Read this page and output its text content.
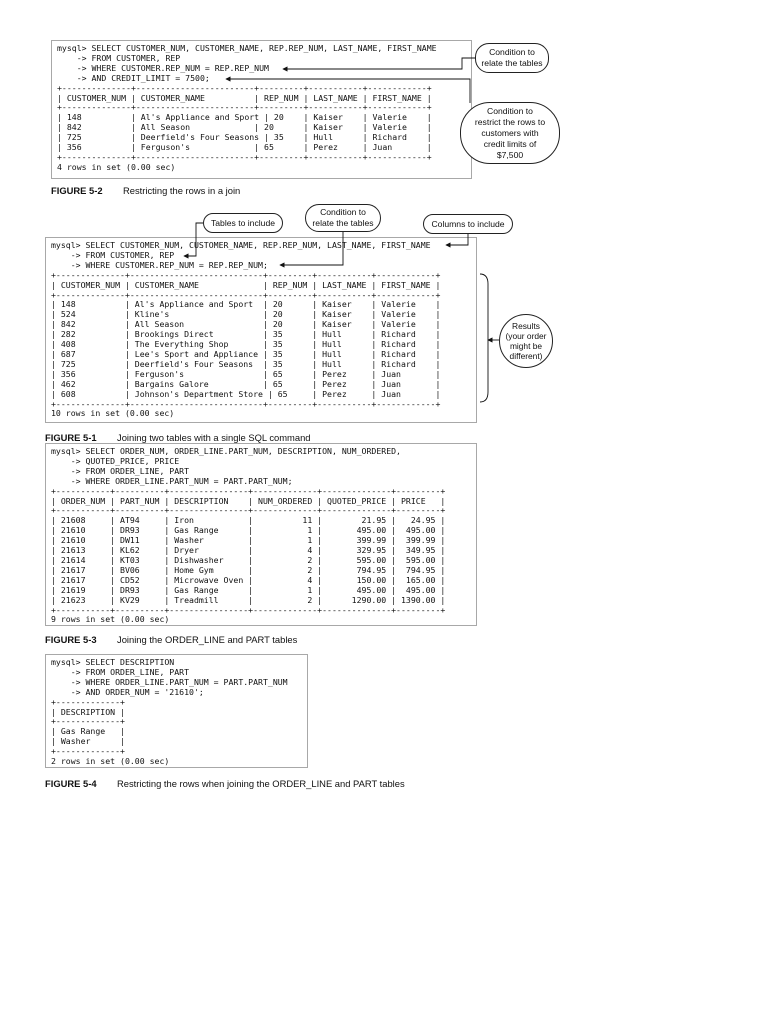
mysql> SELECT CUSTOMER_NUM, CUSTOMER_NAME, REP.REP_NUM, LAST_NAME, FIRST_NAME
-> FROM CUSTOMER, REP
-> WHERE CUSTOMER.REP_NUM = REP.REP_NUM
-> AND CREDIT_LIMIT = 7500;
+--------------+------------------------+---------+-----------+------------+
| CUSTOMER_NUM | CUSTOMER_NAME          | REP_NUM | LAST_NAME | FIRST_NAME |
+--------------+------------------------+---------+-----------+------------+
| 148          | Al's Appliance and Sport | 20    | Kaiser    | Valerie    |
| 842          | All Season             | 20      | Kaiser    | Valerie    |
| 725          | Deerfield's Four Seasons | 35    | Hull      | Richard    |
| 356          | Ferguson's             | 65      | Perez     | Juan       |
+--------------+------------------------+---------+-----------+------------+
4 rows in set (0.00 sec)
Condition to
relate the tables
Condition to
restrict the rows to
customers with
credit limits of
$7,500
FIGURE 5-2 Restricting the rows in a join
mysql> SELECT CUSTOMER_NUM, CUSTOMER_NAME, REP.REP_NUM, LAST_NAME, FIRST_NAME
-> FROM CUSTOMER, REP
-> WHERE CUSTOMER.REP_NUM = REP.REP_NUM;
+--------------+---------------------------+---------+-----------+------------+
| CUSTOMER_NUM | CUSTOMER_NAME             | REP_NUM | LAST_NAME | FIRST_NAME |
+--------------+---------------------------+---------+-----------+------------+
| 148          | Al's Appliance and Sport  | 20      | Kaiser    | Valerie    |
| 524          | Kline's                   | 20      | Kaiser    | Valerie    |
| 842          | All Season                | 20      | Kaiser    | Valerie    |
| 282          | Brookings Direct          | 35      | Hull      | Richard    |
| 408          | The Everything Shop       | 35      | Hull      | Richard    |
| 687          | Lee's Sport and Appliance | 35      | Hull      | Richard    |
| 725          | Deerfield's Four Seasons  | 35      | Hull      | Richard    |
| 356          | Ferguson's                | 65      | Perez     | Juan       |
| 462          | Bargains Galore           | 65      | Perez     | Juan       |
| 608          | Johnson's Department Store | 65     | Perez     | Juan       |
+--------------+---------------------------+---------+-----------+------------+
10 rows in set (0.00 sec)
Tables to include
Condition to
relate the tables	Columns to include
Results
(your order
might be
different)
FIGURE 5-1 Joining two tables with a single SQL command
mysql> SELECT ORDER_NUM, ORDER_LINE.PART_NUM, DESCRIPTION, NUM_ORDERED,
-> QUOTED_PRICE, PRICE
-> FROM ORDER_LINE, PART
-> WHERE ORDER_LINE.PART_NUM = PART.PART_NUM;
+-----------+----------+----------------+-------------+--------------+---------+
| ORDER_NUM | PART_NUM | DESCRIPTION    | NUM_ORDERED | QUOTED_PRICE | PRICE   |
+-----------+----------+----------------+-------------+--------------+---------+
| 21608     | AT94     | Iron           |          11 |        21.95 |   24.95 |
| 21610     | DR93     | Gas Range      |           1 |       495.00 |  495.00 |
| 21610     | DW11     | Washer         |           1 |       399.99 |  399.99 |
| 21613     | KL62     | Dryer          |           4 |       329.95 |  349.95 |
| 21614     | KT03     | Dishwasher     |           2 |       595.00 |  595.00 |
| 21617     | BV06     | Home Gym       |           2 |       794.95 |  794.95 |
| 21617     | CD52     | Microwave Oven |           4 |       150.00 |  165.00 |
| 21619     | DR93     | Gas Range      |           1 |       495.00 |  495.00 |
| 21623     | KV29     | Treadmill      |           2 |      1290.00 | 1390.00 |
+-----------+----------+----------------+-------------+--------------+---------+
9 rows in set (0.00 sec)
FIGURE 5-3 Joining the ORDER_LINE and PART tables
mysql> SELECT DESCRIPTION
-> FROM ORDER_LINE, PART
-> WHERE ORDER_LINE.PART_NUM = PART.PART_NUM
-> AND ORDER_NUM = '21610';
+-------------+
| DESCRIPTION |
+-------------+
| Gas Range   |
| Washer      |
+-------------+
2 rows in set (0.00 sec)
FIGURE 5-4 Restricting the rows when joining the ORDER_LINE and PART tables
